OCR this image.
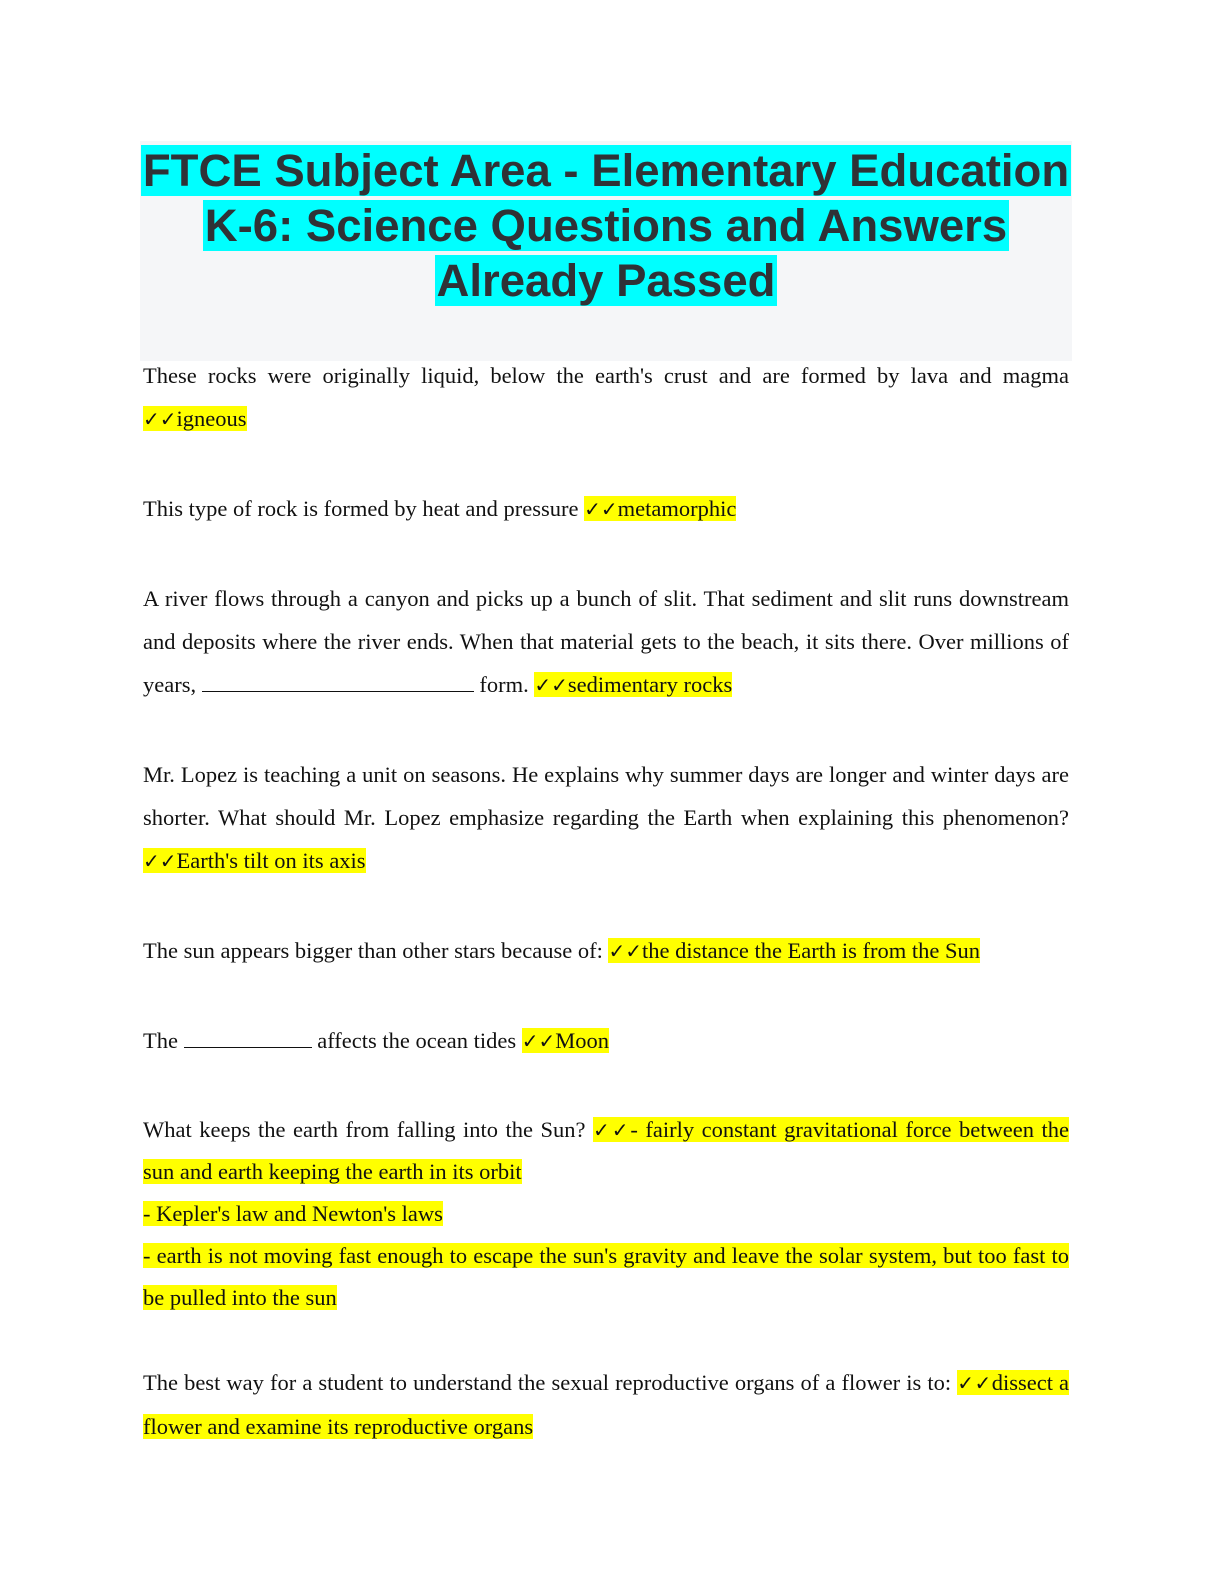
FTCE Subject Area - Elementary Education K-6: Science Questions and Answers Already Passed

These rocks were originally liquid, below the earth's crust and are formed by lava and magma ✓✓igneous

This type of rock is formed by heat and pressure ✓✓metamorphic

A river flows through a canyon and picks up a bunch of slit. That sediment and slit runs downstream and deposits where the river ends. When that material gets to the beach, it sits there. Over millions of years,	form. ✓✓sedimentary rocks

Mr. Lopez is teaching a unit on seasons. He explains why summer days are longer and winter days are shorter. What should Mr. Lopez emphasize regarding the Earth when explaining this phenomenon? ✓✓Earth's tilt on its axis

The sun appears bigger than other stars because of: ✓✓the distance the Earth is from the Sun

The	affects the ocean tides ✓✓Moon

What keeps the earth from falling into the Sun? ✓✓- fairly constant gravitational force between the sun and earth keeping the earth in its orbit
- Kepler's law and Newton's laws
- earth is not moving fast enough to escape the sun's gravity and leave the solar system, but too fast to be pulled into the sun

The best way for a student to understand the sexual reproductive organs of a flower is to: ✓✓dissect a flower and examine its reproductive organs
